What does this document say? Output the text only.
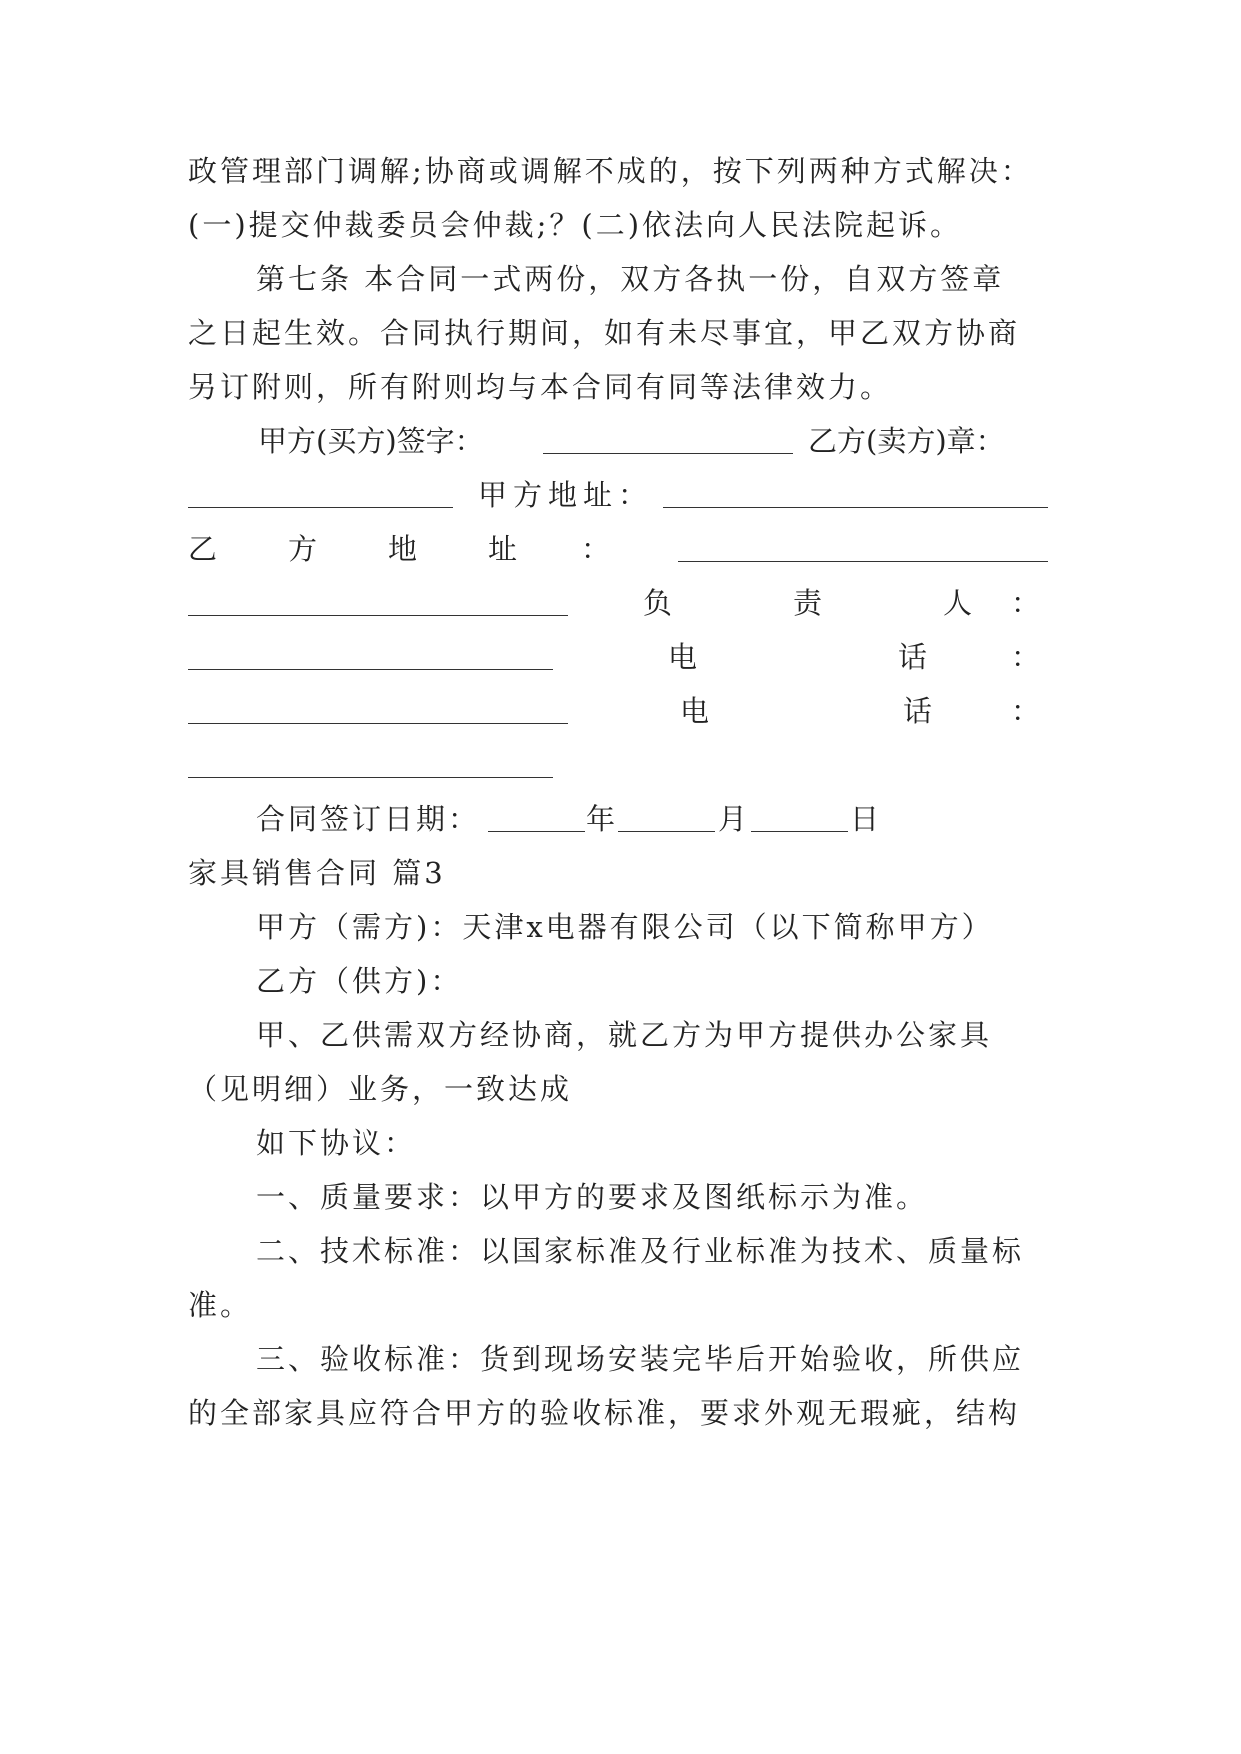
政管理部门调解;协商或调解不成的，按下列两种方式解决：
(一)提交仲裁委员会仲裁;？(二)依法向人民法院起诉。
第七条 本合同一式两份，双方各执一份，自双方签章
之日起生效。合同执行期间，如有未尽事宜，甲乙双方协商
另订附则，所有附则均与本合同有同等法律效力。
甲方(买方)签字：	乙方(卖方)章：
甲方地址：
乙 方 地 址 ：
负	责	人 ：
电	话	：
电	话	：
合同签订日期：	年	月	日
家具销售合同 篇3
甲方（需方)：天津x电器有限公司（以下简称甲方）
乙方（供方)：
甲、乙供需双方经协商，就乙方为甲方提供办公家具
（见明细）业务，一致达成
如下协议：
一、质量要求：以甲方的要求及图纸标示为准。
二、技术标准：以国家标准及行业标准为技术、质量标
准。
三、验收标准：货到现场安装完毕后开始验收，所供应
的全部家具应符合甲方的验收标准，要求外观无瑕疵，结构
